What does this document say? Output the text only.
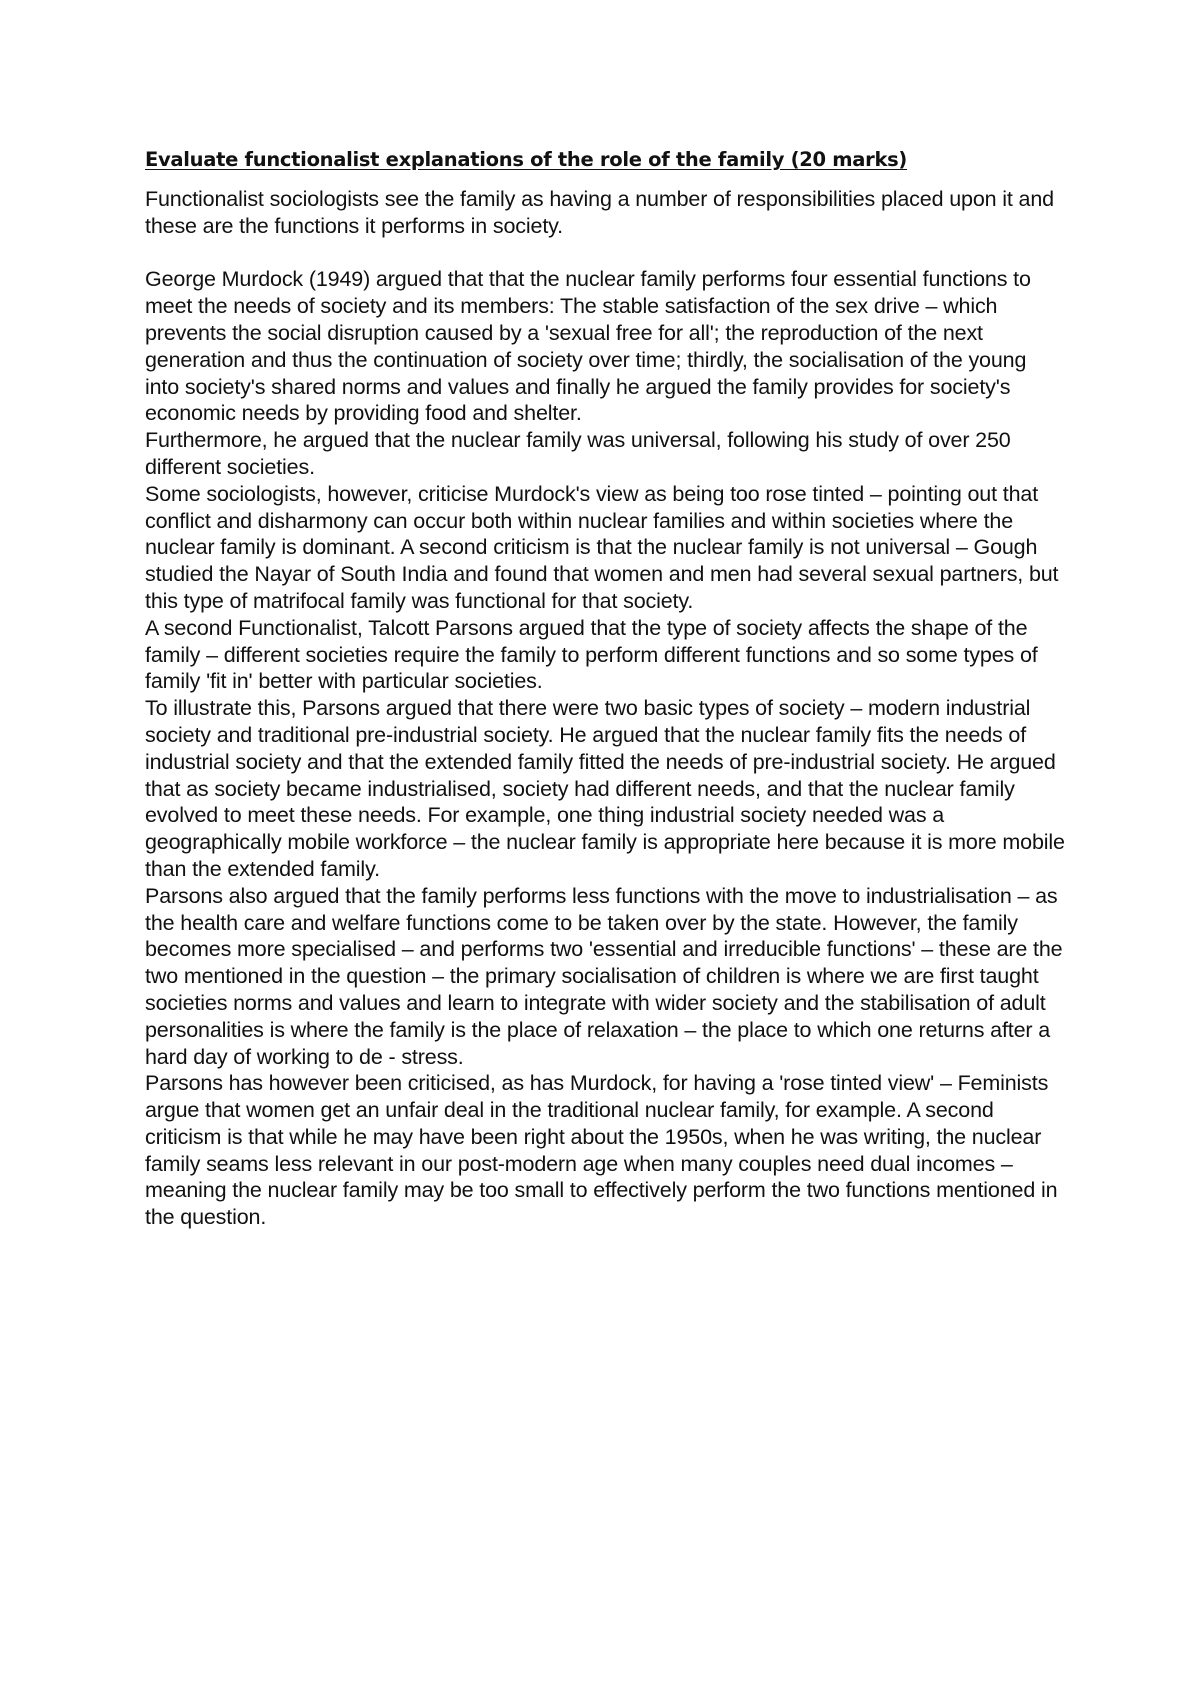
Evaluate functionalist explanations of the role of the family (20 marks)

Functionalist sociologists see the family as having a number of responsibilities placed upon it and these are the functions it performs in society.

George Murdock (1949) argued that that the nuclear family performs four essential functions to meet the needs of society and its members: The stable satisfaction of the sex drive – which prevents the social disruption caused by a 'sexual free for all'; the reproduction of the next generation and thus the continuation of society over time; thirdly, the socialisation of the young into society's shared norms and values and finally he argued the family provides for society's economic needs by providing food and shelter.

Furthermore, he argued that the nuclear family was universal, following his study of over 250 different societies.

Some sociologists, however, criticise Murdock's view as being too rose tinted – pointing out that conflict and disharmony can occur both within nuclear families and within societies where the nuclear family is dominant. A second criticism is that the nuclear family is not universal – Gough studied the Nayar of South India and found that women and men had several sexual partners, but this type of matrifocal family was functional for that society.

A second Functionalist, Talcott Parsons argued that the type of society affects the shape of the family – different societies require the family to perform different functions and so some types of family 'fit in' better with particular societies.

To illustrate this, Parsons argued that there were two basic types of society – modern industrial society and traditional pre-industrial society. He argued that the nuclear family fits the needs of industrial society and that the extended family fitted the needs of pre-industrial society. He argued that as society became industrialised, society had different needs, and that the nuclear family evolved to meet these needs. For example, one thing industrial society needed was a geographically mobile workforce – the nuclear family is appropriate here because it is more mobile than the extended family.

Parsons also argued that the family performs less functions with the move to industrialisation – as the health care and welfare functions come to be taken over by the state. However, the family becomes more specialised – and performs two 'essential and irreducible functions' – these are the two mentioned in the question – the primary socialisation of children is where we are first taught societies norms and values and learn to integrate with wider society and the stabilisation of adult personalities is where the family is the place of relaxation – the place to which one returns after a hard day of working to de - stress.

Parsons has however been criticised, as has Murdock, for having a 'rose tinted view' – Feminists argue that women get an unfair deal in the traditional nuclear family, for example. A second criticism is that while he may have been right about the 1950s, when he was writing, the nuclear family seams less relevant in our post-modern age when many couples need dual incomes – meaning the nuclear family may be too small to effectively perform the two functions mentioned in the question.
